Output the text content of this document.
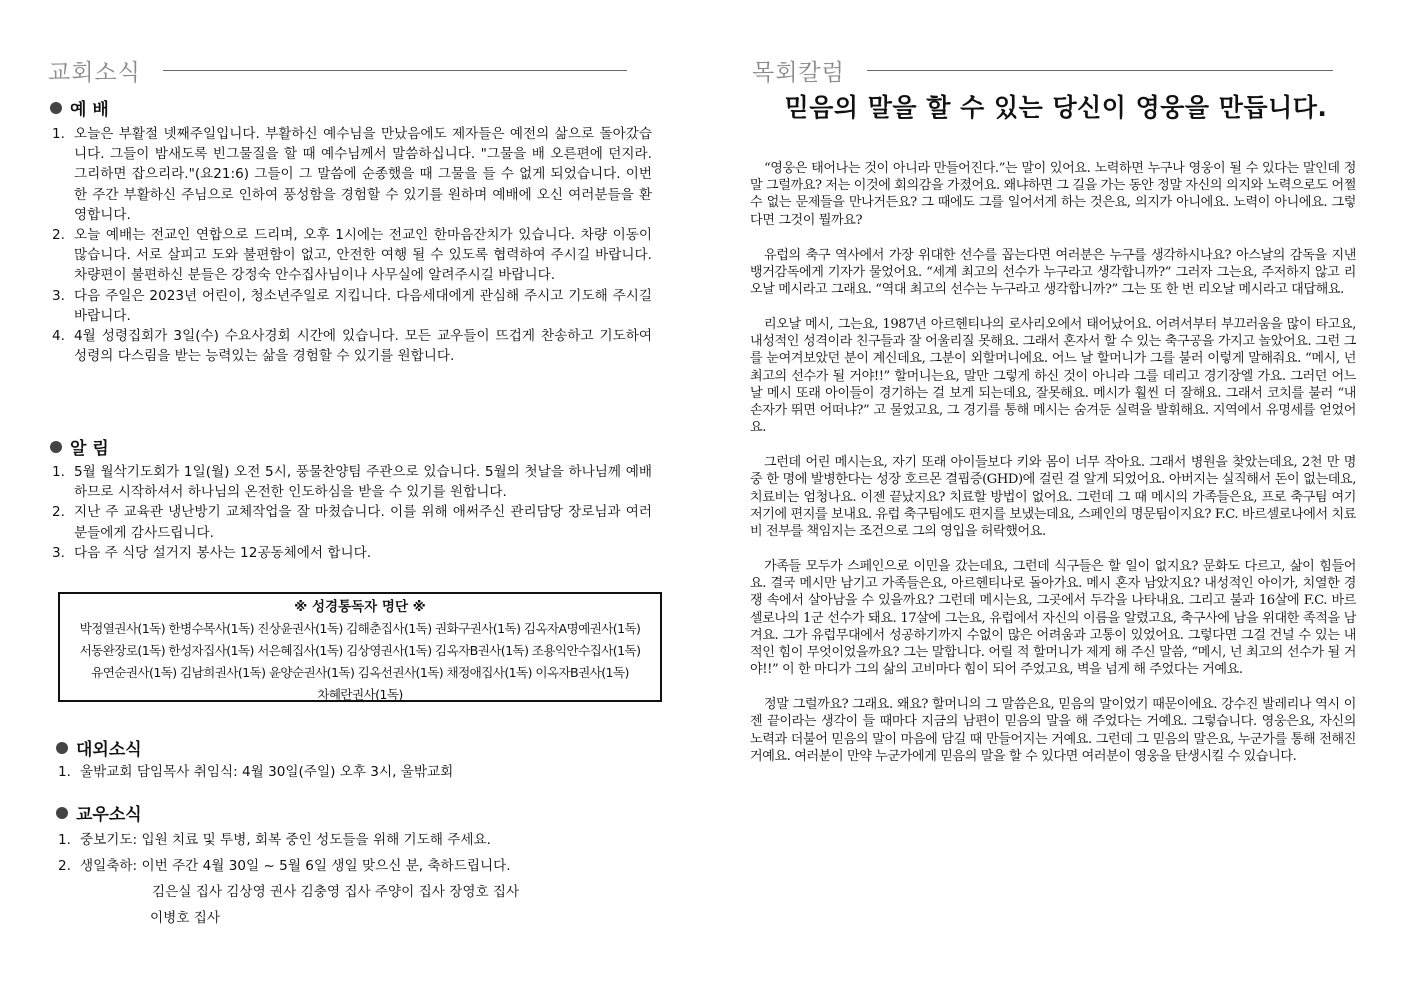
교회소식
예 배
1. 오늘은 부활절 넷째주일입니다. 부활하신 예수님을 만났음에도 제자들은 예전의 삶으로 돌아갔습니다. 그들이 밤새도록 빈그물질을 할 때 예수님께서 말씀하십니다. "그물을 배 오른편에 던지라.그리하면 잡으리라."(요21:6) 그들이 그 말씀에 순종했을 때 그물을 들 수 없게 되었습니다. 이번 한 주간 부활하신 주님으로 인하여 풍성함을 경험할 수 있기를 원하며 예배에 오신 여러분들을 환영합니다.
2. 오늘 예배는 전교인 연합으로 드리며, 오후 1시에는 전교인 한마음잔치가 있습니다. 차량 이동이 많습니다. 서로 살피고 도와 불편함이 없고, 안전한 여행 될 수 있도록 협력하여 주시길 바랍니다. 차량편이 불편하신 분들은 강정숙 안수집사님이나 사무실에 알려주시길 바랍니다.
3. 다음 주일은 2023년 어린이, 청소년주일로 지킵니다. 다음세대에게 관심해 주시고 기도해 주시길 바랍니다.
4. 4월 성령집회가 3일(수) 수요사경회 시간에 있습니다. 모든 교우들이 뜨겁게 찬송하고 기도하여 성령의 다스림을 받는 능력있는 삶을 경험할 수 있기를 원합니다.
알 림
1. 5월 월삭기도회가 1일(월) 오전 5시, 풍물찬양팀 주관으로 있습니다. 5월의 첫날을 하나님께 예배하므로 시작하셔서 하나님의 온전한 인도하심을 받을 수 있기를 원합니다.
2. 지난 주 교육관 냉난방기 교체작업을 잘 마쳤습니다. 이를 위해 애써주신 관리담당 장로님과 여러분들에게 감사드립니다.
3. 다음 주 식당 설거지 봉사는 12공동체에서 합니다.
※ 성경통독자 명단 ※
박정열권사(1독) 한병수목사(1독) 진상윤권사(1독) 김해춘집사(1독) 권화구권사(1독) 김옥자A명예권사(1독)
서동완장로(1독) 한성자집사(1독) 서은혜집사(1독) 김상영권사(1독) 김옥자B권사(1독) 조용익안수집사(1독)
유연순권사(1독) 김남희권사(1독) 윤양순권사(1독) 김옥선권사(1독) 채정애집사(1독) 이옥자B권사(1독)
차혜란권사(1독)
대외소식
1. 울밖교회 담임목사 취임식: 4월 30일(주일) 오후 3시, 울밖교회
교우소식
1. 중보기도:
입원 치료 및 투병, 회복 중인 성도들을 위해 기도해 주세요.
2. 생일축하:
이번 주간 4월 30일 ~ 5월 6일 생일 맞으신 분, 축하드립니다.
김은실 집사 김상영 권사 김충영 집사 주양이 집사 장영호 집사
이병호 집사
목회칼럼
믿음의 말을 할 수 있는 당신이 영웅을 만듭니다.

“영웅은 태어나는 것이 아니라 만들어진다.”는 말이 있어요. 노력하면 누구나 영웅이 될 수 있다는 말인데 정말 그럴까요? 저는 이것에 회의감을 가졌어요. 왜냐하면 그 길을 가는 동안 정말 자신의 의지와 노력으로도 어쩔 수 없는 문제들을 만나거든요? 그 때에도 그를 일어서게 하는 것은요, 의지가 아니에요. 노력이 아니에요. 그렇다면 그것이 뭘까요?

유럽의 축구 역사에서 가장 위대한 선수를 꼽는다면 여러분은 누구를 생각하시나요? 아스날의 감독을 지낸 뱅거감독에게 기자가 물었어요. “세계 최고의 선수가 누구라고 생각합니까?” 그러자 그는요, 주저하지 않고 리오날 메시라고 그래요. “역대 최고의 선수는 누구라고 생각합니까?” 그는 또 한 번 리오날 메시라고 대답해요.

리오날 메시, 그는요, 1987년 아르헨티나의 로사리오에서 태어났어요. 어려서부터 부끄러움을 많이 타고요, 내성적인 성격이라 친구들과 잘 어울리질 못해요. 그래서 혼자서 할 수 있는 축구공을 가지고 놀았어요. 그런 그를 눈여겨보았던 분이 계신데요, 그분이 외할머니에요. 어느 날 할머니가 그를 불러 이렇게 말해줘요. “메시, 넌 최고의 선수가 될 거야!!” 할머니는요, 말만 그렇게 하신 것이 아니라 그를 데리고 경기장엘 가요. 그러던 어느 날 메시 또래 아이들이 경기하는 걸 보게 되는데요, 잘못해요. 메시가 훨씬 더 잘해요. 그래서 코치를 불러 “내 손자가 뛰면 어떠냐?” 고 물었고요, 그 경기를 통해 메시는 숨겨둔 실력을 발휘해요. 지역에서 유명세를 얻었어요.

그런데 어린 메시는요, 자기 또래 아이들보다 키와 몸이 너무 작아요. 그래서 병원을 찾았는데요, 2천 만 명 중 한 명에 발병한다는 성장 호르몬 결핍증(GHD)에 걸린 걸 알게 되었어요. 아버지는 실직해서 돈이 없는데요, 치료비는 엄청나요. 이젠 끝났지요? 치료할 방법이 없어요. 그런데 그 때 메시의 가족들은요, 프로 축구팀 여기저기에 편지를 보내요. 유럽 축구팀에도 편지를 보냈는데요, 스페인의 명문팀이지요? F.C. 바르셀로나에서 치료비 전부를 책임지는 조건으로 그의 영입을 허락했어요.

가족들 모두가 스페인으로 이민을 갔는데요, 그런데 식구들은 할 일이 없지요? 문화도 다르고, 삶이 힘들어요. 결국 메시만 남기고 가족들은요, 아르헨티나로 돌아가요. 메시 혼자 남았지요? 내성적인 아이가, 치열한 경쟁 속에서 살아남을 수 있을까요? 그런데 메시는요, 그곳에서 두각을 나타내요. 그리고 불과 16살에 F.C. 바르셀로나의 1군 선수가 돼요. 17살에 그는요, 유럽에서 자신의 이름을 알렸고요, 축구사에 남을 위대한 족적을 남겨요. 그가 유럽무대에서 성공하기까지 수없이 많은 어려움과 고통이 있었어요. 그렇다면 그걸 건널 수 있는 내적인 힘이 무엇이었을까요? 그는 말합니다. 어릴 적 할머니가 제게 해 주신 말씀, “메시, 넌 최고의 선수가 될 거야!!” 이 한 마디가 그의 삶의 고비마다 힘이 되어 주었고요, 벽을 넘게 해 주었다는 거예요.

정말 그럴까요? 그래요. 왜요? 할머니의 그 말씀은요, 믿음의 말이었기 때문이에요. 강수진 발레리나 역시 이젠 끝이라는 생각이 들 때마다 지금의 남편이 믿음의 말을 해 주었다는 거예요. 그렇습니다. 영웅은요, 자신의 노력과 더불어 믿음의 말이 마음에 담길 때 만들어지는 거예요. 그런데 그 믿음의 말은요, 누군가를 통해 전해진 거예요. 여러분이 만약 누군가에게 믿음의 말을 할 수 있다면 여러분이 영웅을 탄생시킬 수 있습니다.
